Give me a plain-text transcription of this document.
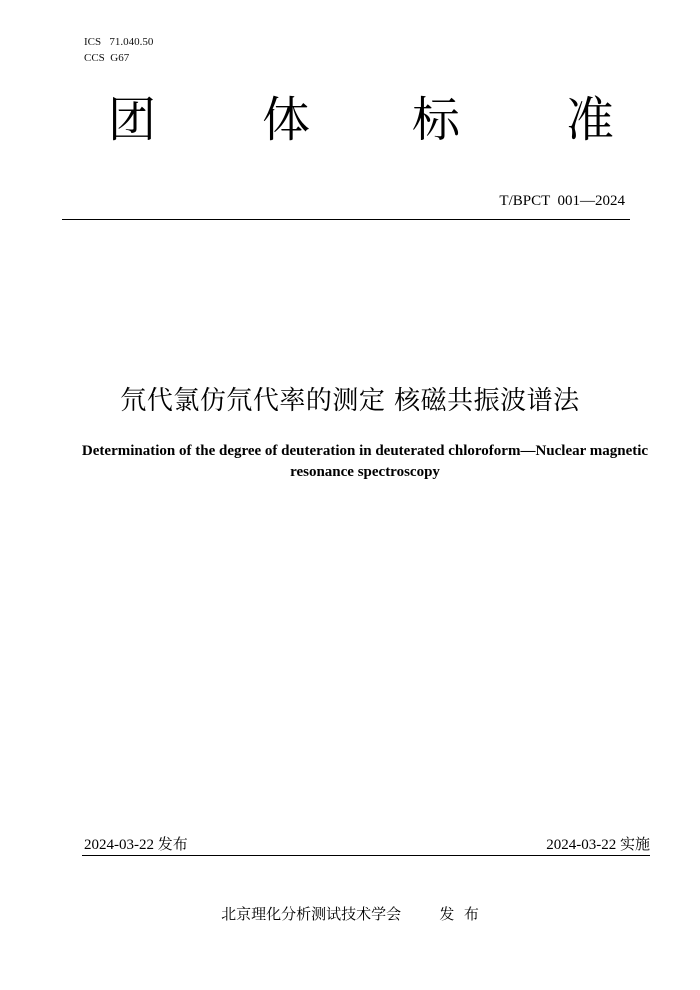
ICS   71.040.50
CCS  G67
团 体 标 准
T/BPCT  001—2024
氘代氯仿氘代率的测定 核磁共振波谱法
Determination of the degree of deuteration in deuterated chloroform—Nuclear magnetic resonance spectroscopy
2024-03-22 发布	2024-03-22 实施
北京理化分析测试技术学会	发  布
